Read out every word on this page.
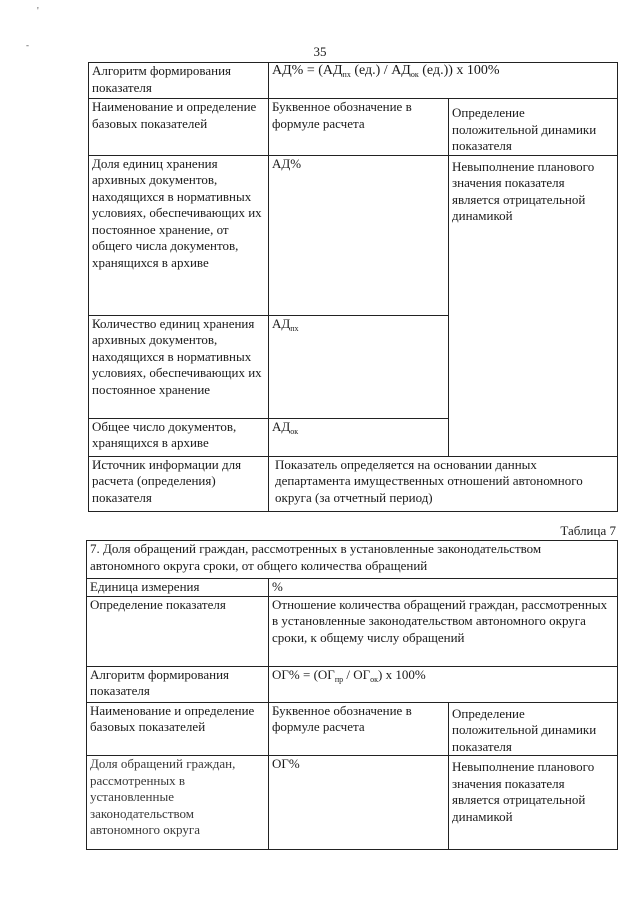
'
-	35
Алгоритм формирования показателя	$АД\% = (АД_{пх}$ $(ед.) / АД_{ок}$ (ед.)) х 100%	
Наименование и определение базовых показателей	Буквенное обозначение в формуле расчета	Определение положительной динамики показателя
Доля единиц хранения архивных документов, находящихся в нормативных условиях, обеспечивающих их постоянное хранение, от общего числа документов, хранящихся в архиве	АД%	Невыполнение планового значения показателя является отрицательной динамикой
Количество единиц хранения архивных документов, находящихся в нормативных условиях, обеспечивающих их постоянное хранение	$АД_{пх}$
Общее число документов, хранящихся в архиве	$АД_{ок}$
Источник информации для расчета (определения) показателя	Показатель определяется на основании данных департамента имущественных отношений автономного округа (за отчетный период)	
Таблица 7
7. Доля обращений граждан, рассмотренных в установленные законодательством автономного округа сроки, от общего количества обращений		
Единица измерения	%	
Определение показателя	Отношение количества обращений граждан, рассмотренных в установленные законодательством автономного округа сроки, к общему числу обращений	
Алгоритм формирования показателя	$ОГ\% = (ОГ_{пр} / ОГ_{ок})$ х 100%	
Наименование и определение базовых показателей	Буквенное обозначение в формуле расчета	Определение положительной динамики показателя
Доля обращений граждан, рассмотренных в установленные законодательством автономного округа	ОГ%	Невыполнение планового значения показателя является отрицательной динамикой
